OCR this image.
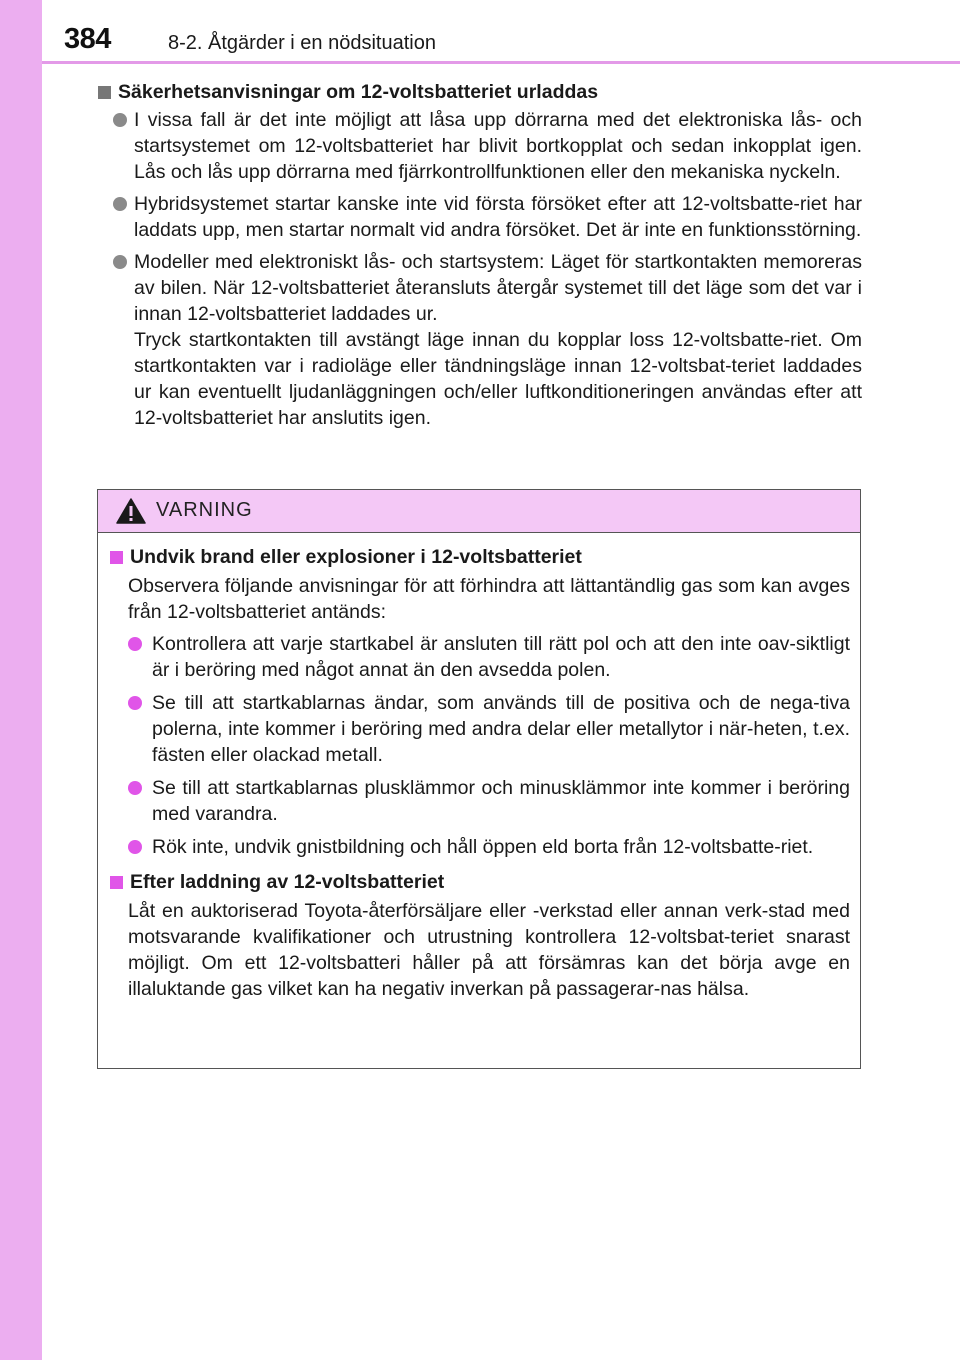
384	8-2. Åtgärder i en nödsituation
Säkerhetsanvisningar om 12-voltsbatteriet urladdas

I vissa fall är det inte möjligt att låsa upp dörrarna med det elektroniska lås- och startsystemet om 12-voltsbatteriet har blivit bortkopplat och sedan inkopplat igen. Lås och lås upp dörrarna med fjärrkontrollfunktionen eller den mekaniska nyckeln.

Hybridsystemet startar kanske inte vid första försöket efter att 12-voltsbatte-riet har laddats upp, men startar normalt vid andra försöket. Det är inte en funktionsstörning.

Modeller med elektroniskt lås- och startsystem: Läget för startkontakten memoreras av bilen. När 12-voltsbatteriet återansluts återgår systemet till det läge som det var i innan 12-voltsbatteriet laddades ur.

Tryck startkontakten till avstängt läge innan du kopplar loss 12-voltsbatte-riet. Om startkontakten var i radioläge eller tändningsläge innan 12-voltsbat-teriet laddades ur kan eventuellt ljudanläggningen och/eller luftkonditioneringen användas efter att 12-voltsbatteriet har anslutits igen.

VARNING
Undvik brand eller explosioner i 12-voltsbatteriet

Observera följande anvisningar för att förhindra att lättantändlig gas som kan avges från 12-voltsbatteriet antänds:

Kontrollera att varje startkabel är ansluten till rätt pol och att den inte oav-siktligt är i beröring med något annat än den avsedda polen.
Se till att startkablarnas ändar, som används till de positiva och de nega-tiva polerna, inte kommer i beröring med andra delar eller metallytor i när-heten, t.ex. fästen eller olackad metall.
Se till att startkablarnas plusklämmor och minusklämmor inte kommer i beröring med varandra.
Rök inte, undvik gnistbildning och håll öppen eld borta från 12-voltsbatte-riet.
Efter laddning av 12-voltsbatteriet

Låt en auktoriserad Toyota-återförsäljare eller -verkstad eller annan verk-stad med motsvarande kvalifikationer och utrustning kontrollera 12-voltsbat-teriet snarast möjligt. Om ett 12-voltsbatteri håller på att försämras kan det börja avge en illaluktande gas vilket kan ha negativ inverkan på passagerar-nas hälsa.
